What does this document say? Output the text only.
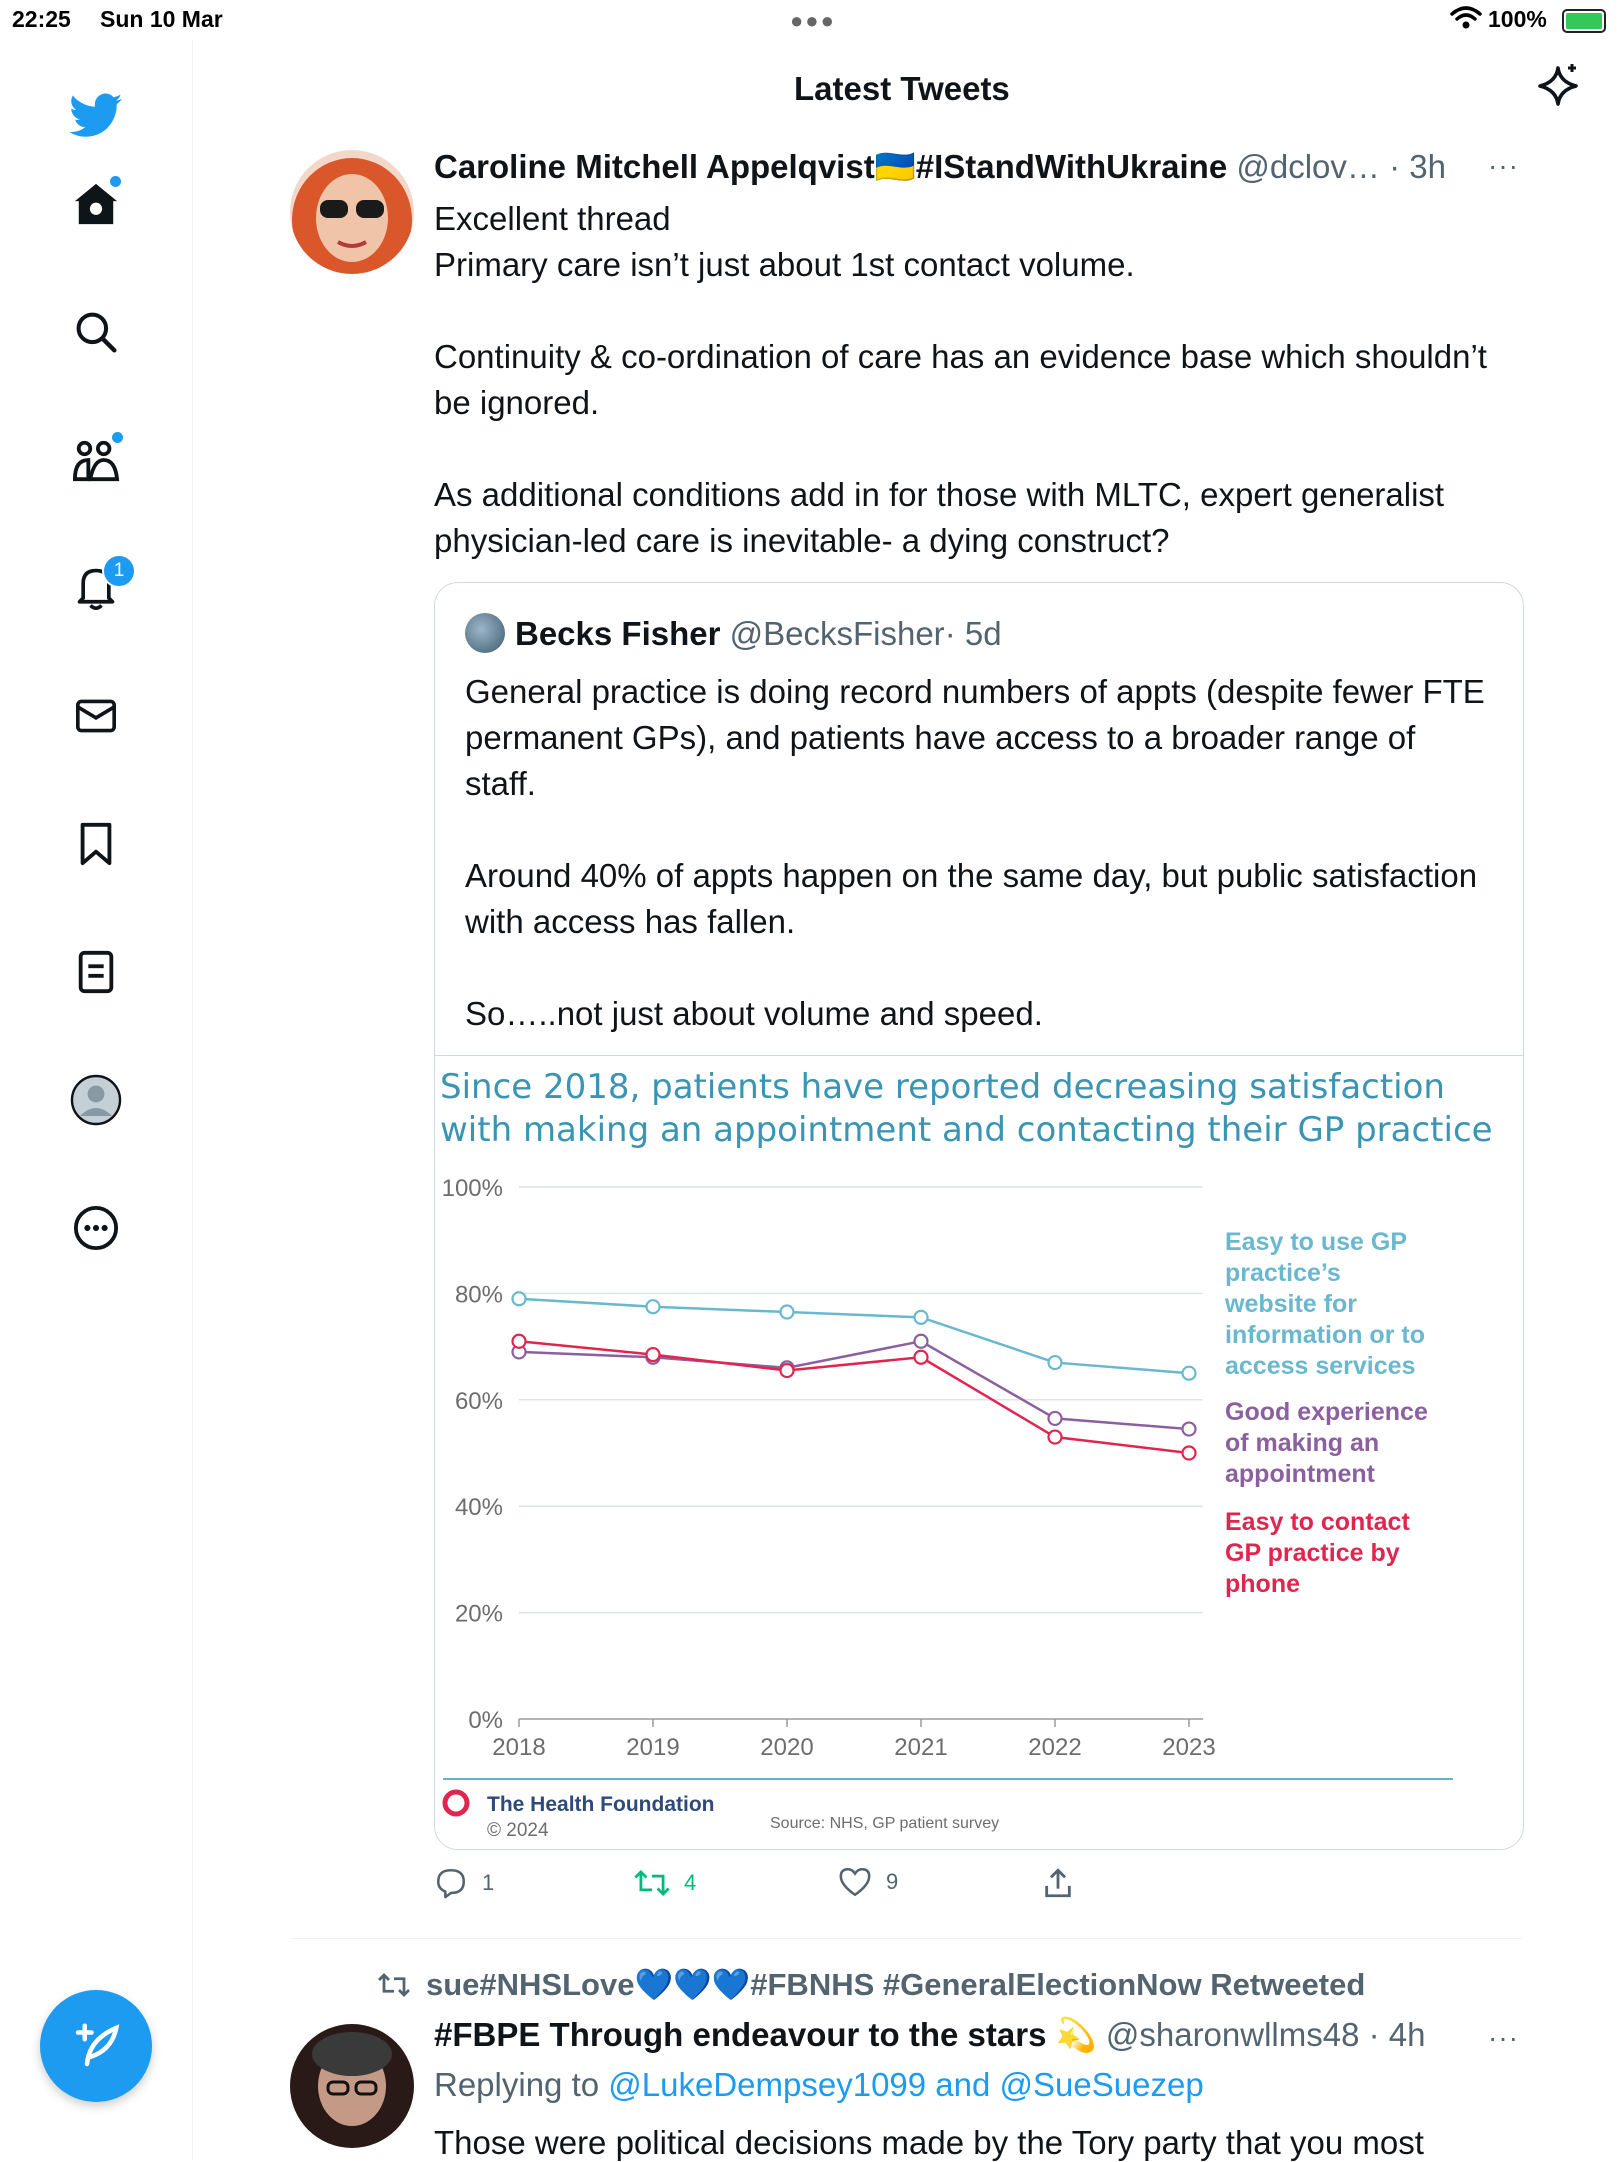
22:25 Sun 10 Mar	●●●	100%
1
Latest Tweets
Caroline Mitchell Appelqvist🇺🇦#IStandWithUkraine @dclov… · 3h ···
Excellent thread
Primary care isn’t just about 1st contact volume.

Continuity & co-ordination of care has an evidence base which shouldn’t be ignored.

As additional conditions add in for those with MLTC, expert generalist physician-led care is inevitable- a dying construct?
Becks Fisher @BecksFisher· 5d
General practice is doing record numbers of appts (despite fewer FTE permanent GPs), and patients have access to a broader range of staff.

Around 40% of appts happen on the same day, but public satisfaction with access has fallen.

So…..not just about volume and speed.
Since 2018, patients have reported decreasing satisfaction with making an appointment and contacting their GP practice
100%
80%
60%
40%
20%
0%
2018	2019	2020	2021	2022	2023
Easy to use GP
practice’s
website for
information or to
access services
Good experience
of making an
appointment
Easy to contact
GP practice by
phone
The Health Foundation
© 2024	Source: NHS, GP patient survey
1	4	9
sue#NHSLove💙💙💙#FBNHS #GeneralElectionNow Retweeted
#FBPE Through endeavour to the stars 💫 @sharonwllms48 · 4h ···
Replying to @LukeDempsey1099 and @SueSuezep
Those were political decisions made by the Tory party that you most
